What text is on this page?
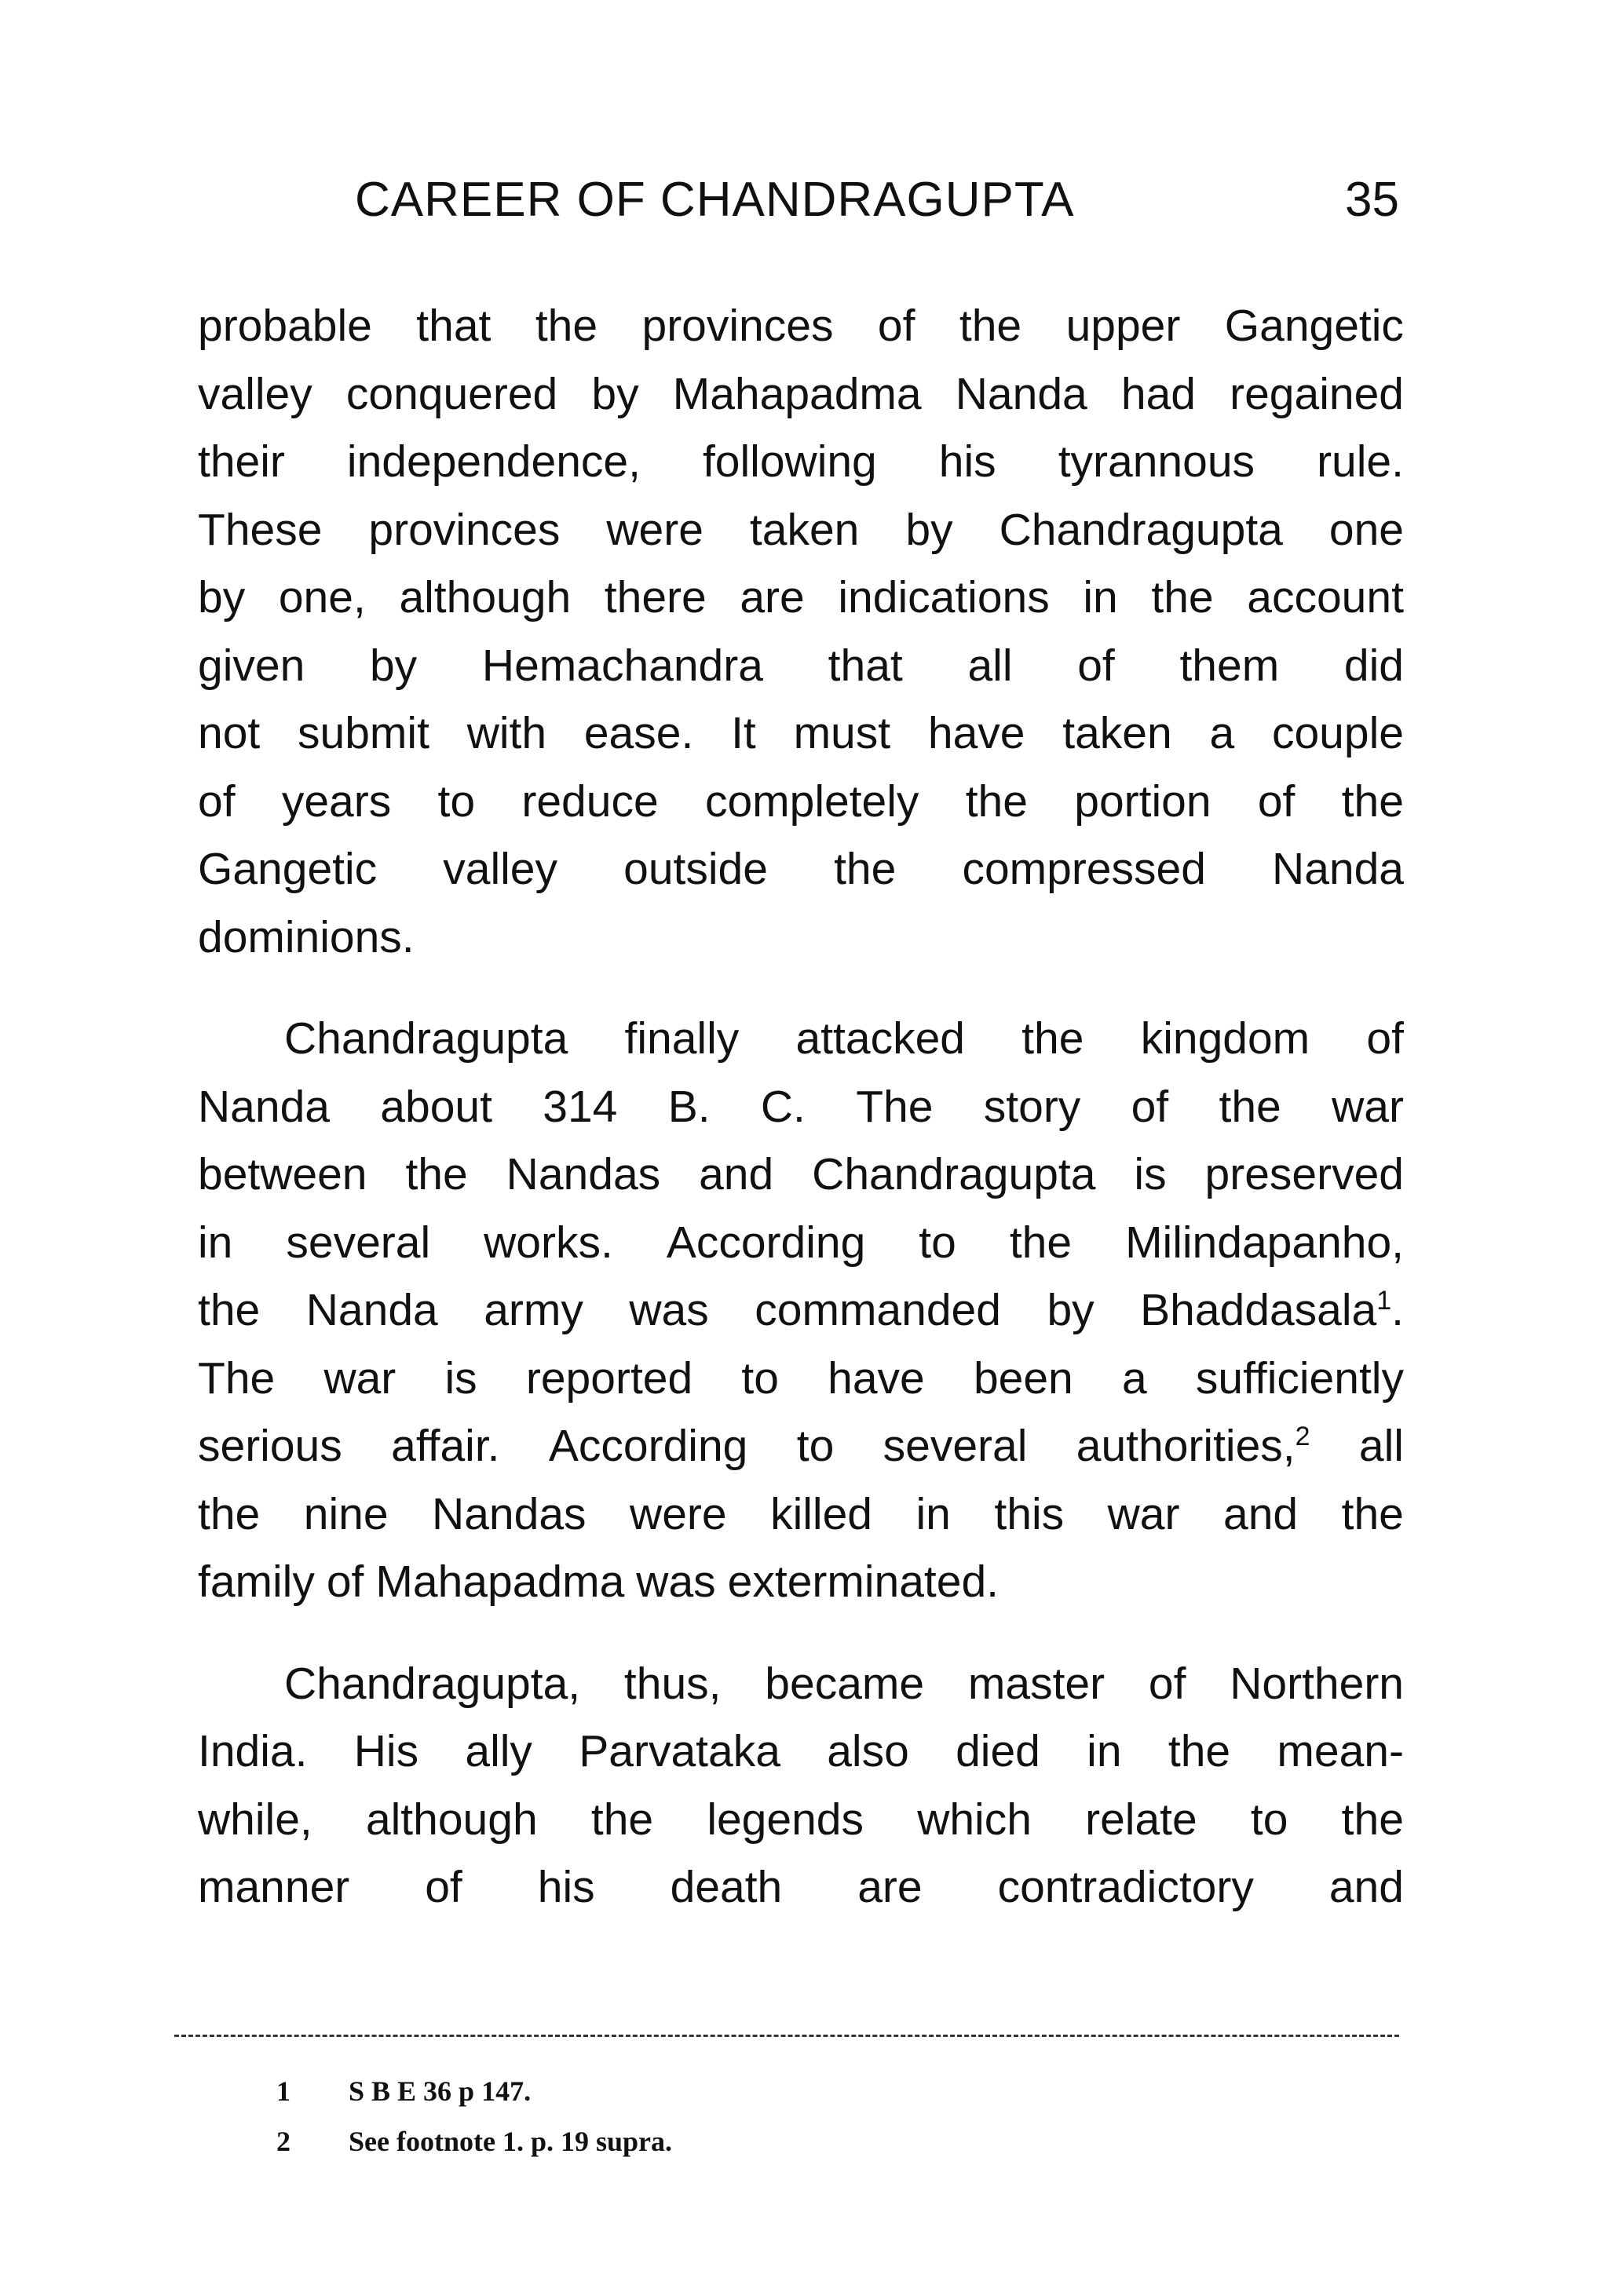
CAREER OF CHANDRAGUPTA	35
probable that the provinces of the upper Gangetic
valley conquered by Mahapadma Nanda had regained
their independence, following his tyrannous rule.
These provinces were taken by Chandragupta one
by one, although there are indications in the account
given by Hemachandra that all of them did
not submit with ease. It must have taken a couple
of years to reduce completely the portion of the
Gangetic valley outside the compressed Nanda
dominions.
Chandragupta finally attacked the kingdom of
Nanda about 314 B. C. The story of the war
between the Nandas and Chandragupta is preserved
in several works. According to the Milindapanho,
the Nanda army was commanded by Bhaddasala$^1$.
The war is reported to have been a sufficiently
serious affair. According to several authorities,$^2$ all
the nine Nandas were killed in this war and the
family of Mahapadma was exterminated.
Chandragupta, thus, became master of Northern
India. His ally Parvataka also died in the mean-
while, although the legends which relate to the
manner of his death are contradictory and
1 S B E 36 p 147.
2 See footnote 1. p. 19 supra.
